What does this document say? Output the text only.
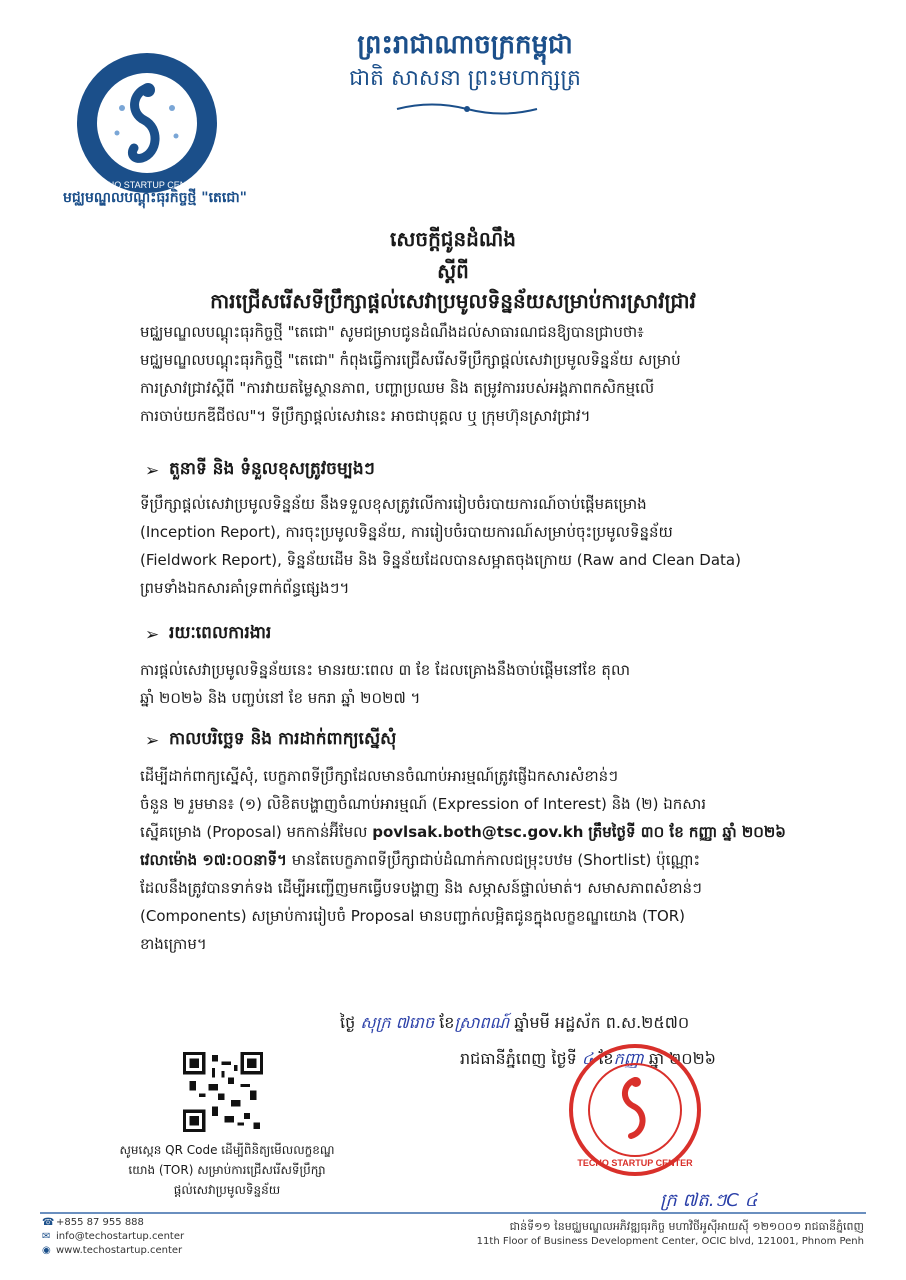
TECHO STARTUP CENTER
មជ្ឈមណ្ឌលបណ្ដុះធុរកិច្ចថ្មី "តេជោ"
ព្រះរាជាណាចក្រកម្ពុជា
ជាតិ សាសនា ព្រះមហាក្សត្រ
សេចក្តីជូនដំណឹង
ស្តីពី
ការជ្រើសរើសទីប្រឹក្សាផ្តល់សេវាប្រមូលទិន្នន័យសម្រាប់ការស្រាវជ្រាវ
មជ្ឈមណ្ឌលបណ្ដុះធុរកិច្ចថ្មី "តេជោ" សូមជម្រាបជូនដំណឹងដល់សាធារណជនឱ្យបានជ្រាបថា៖
មជ្ឈមណ្ឌលបណ្ដុះធុរកិច្ចថ្មី "តេជោ" កំពុងធ្វើការជ្រើសរើសទីប្រឹក្សាផ្តល់សេវាប្រមូលទិន្នន័យ សម្រាប់
ការស្រាវជ្រាវស្តីពី "ការវាយតម្លៃស្ថានភាព, បញ្ហាប្រឈម និង តម្រូវការរបស់អង្គភាពកសិកម្មលើ
ការចាប់យកឌីជីថល"។ ទីប្រឹក្សាផ្តល់សេវានេះ អាចជាបុគ្គល ឬ ក្រុមហ៊ុនស្រាវជ្រាវ។
➢ តួនាទី និង ទំនួលខុសត្រូវចម្បងៗ
ទីប្រឹក្សាផ្តល់សេវាប្រមូលទិន្នន័យ នឹងទទួលខុសត្រូវលើការរៀបចំរបាយការណ៍ចាប់ផ្តើមគម្រោង
(Inception Report), ការចុះប្រមូលទិន្នន័យ, ការរៀបចំរបាយការណ៍សម្រាប់ចុះប្រមូលទិន្នន័យ
(Fieldwork Report), ទិន្នន័យដើម និង ទិន្នន័យដែលបានសម្អាតចុងក្រោយ (Raw and Clean Data)
ព្រមទាំងឯកសារគាំទ្រពាក់ព័ន្ធផ្សេងៗ។
➢ រយៈពេលការងារ
ការផ្តល់សេវាប្រមូលទិន្នន័យនេះ មានរយៈពេល ៣ ខែ ដែលគ្រោងនឹងចាប់ផ្តើមនៅខែ តុលា
ឆ្នាំ ២០២៦ និង បញ្ចប់នៅ ខែ មករា ឆ្នាំ ២០២៧ ។
➢ កាលបរិច្ឆេទ និង ការដាក់ពាក្យស្នើសុំ
ដើម្បីដាក់ពាក្យស្នើសុំ, បេក្ខភាពទីប្រឹក្សាដែលមានចំណាប់អារម្មណ៍ត្រូវផ្ញើឯកសារសំខាន់ៗ
ចំនួន ២ រួមមាន៖ (១) លិខិតបង្ហាញចំណាប់អារម្មណ៍ (Expression of Interest) និង (២) ឯកសារ
ស្នើគម្រោង (Proposal) មកកាន់អ៊ីមែល povlsak.both@tsc.gov.kh ត្រឹមថ្ងៃទី ៣០ ខែ កញ្ញា ឆ្នាំ ២០២៦
វេលាម៉ោង ១៧:០០នាទី។ មានតែបេក្ខភាពទីប្រឹក្សាជាប់ដំណាក់កាលជម្រុះបឋម (Shortlist) ប៉ុណ្ណោះ
ដែលនឹងត្រូវបានទាក់ទង ដើម្បីអញ្ជើញមកធ្វើបទបង្ហាញ និង សម្ភាសន៍ផ្ទាល់មាត់។ សមាសភាពសំខាន់ៗ
(Components) សម្រាប់ការរៀបចំ Proposal មានបញ្ជាក់លម្អិតជូនក្នុងលក្ខខណ្ឌយោង (TOR)
ខាងក្រោម។
ថ្ងៃ សុក្រ ៧រោច ខែស្រាពណ៍ ឆ្នាំមមី អដ្ឋស័ក ព.ស.២៥៧០
រាជធានីភ្នំពេញ ថ្ងៃទី ៤ ខែកញ្ញា ឆ្នាំ ២០២៦
TECHO STARTUP CENTER
សូមស្កេន QR Code ដើម្បីពិនិត្យមើលលក្ខខណ្ឌ
យោង (TOR) សម្រាប់ការជ្រើសរើសទីប្រឹក្សា
ផ្តល់សេវាប្រមូលទិន្នន័យ	ក្រ ៧ត.ៗC ៤
☎ +855 87 955 888
✉ info@techostartup.center
◉ www.techostartup.center
ជាន់ទី១១ នៃមជ្ឈមណ្ឌលអភិវឌ្ឍធុរកិច្ច មហាវិថីអូស៊ីអាយស៊ី ១២១០០១ រាជធានីភ្នំពេញ
11th Floor of Business Development Center, OCIC blvd, 121001, Phnom Penh
